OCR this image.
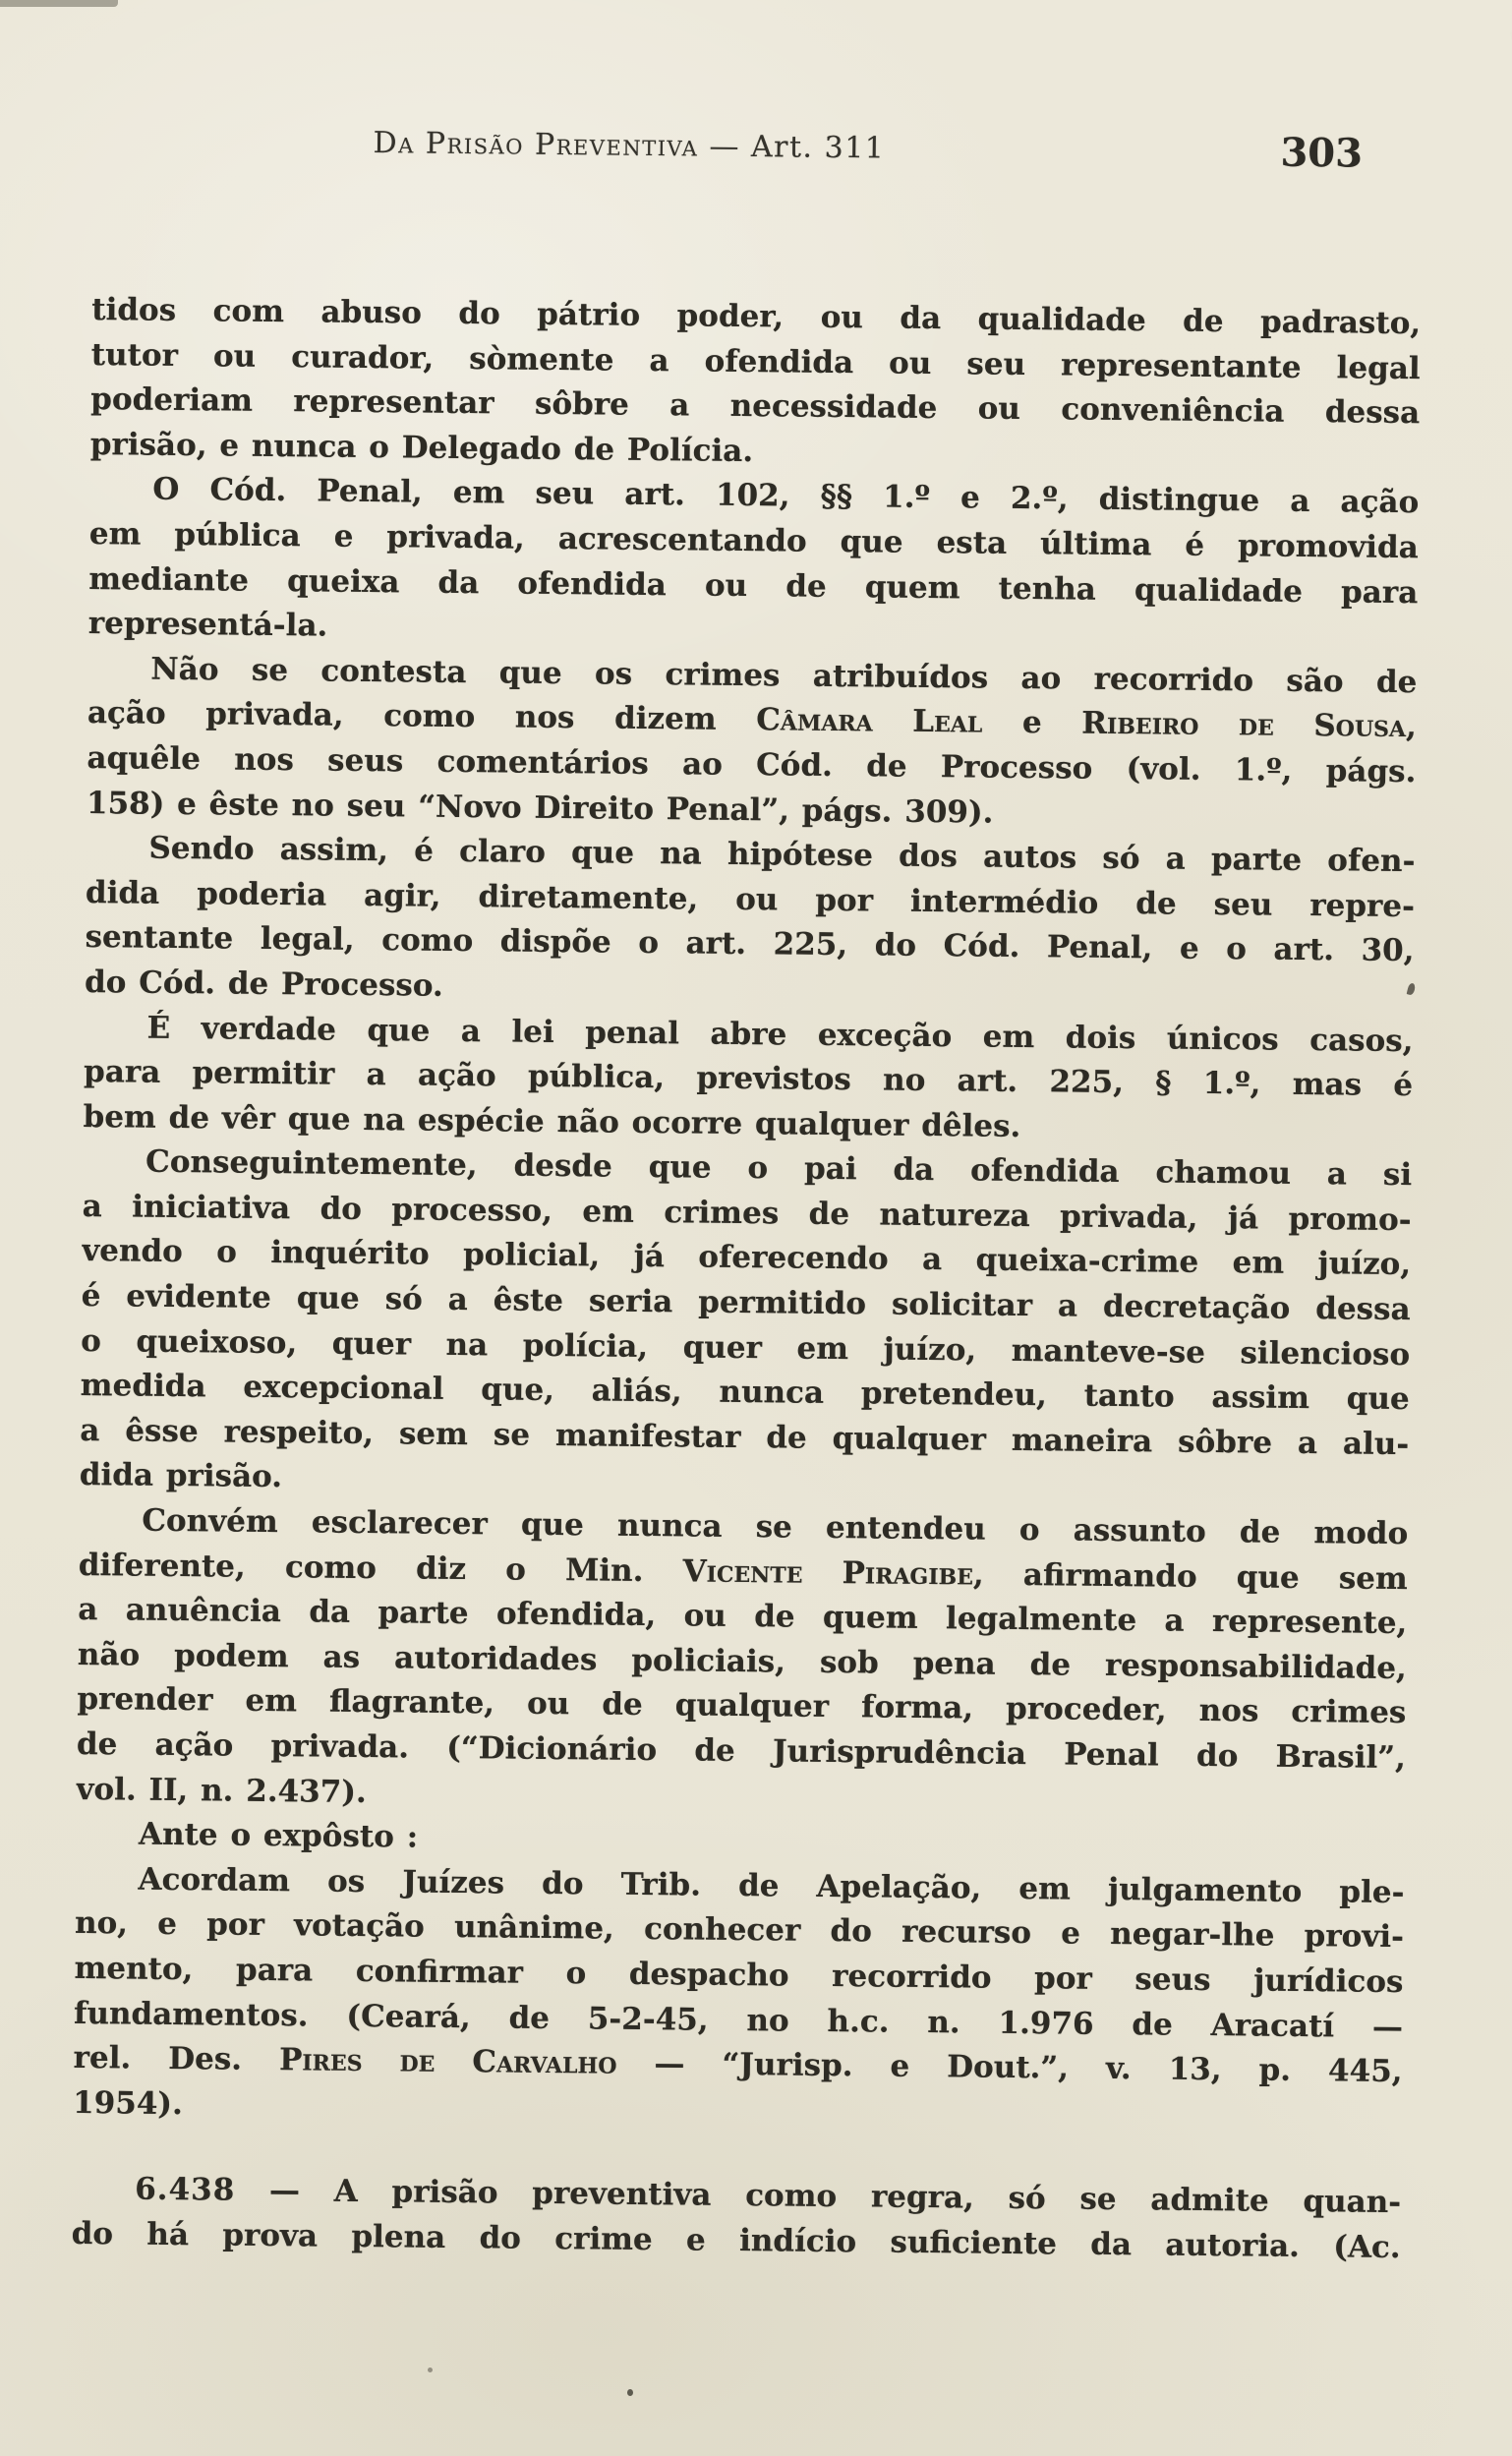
Da Prisão Preventiva — Art. 311	303
tidos com abuso do pátrio poder, ou da qualidade de padrasto,
tutor ou curador, sòmente a ofendida ou seu representante legal
poderiam representar sôbre a necessidade ou conveniência dessa
prisão, e nunca o Delegado de Polícia.
O Cód. Penal, em seu art. 102, §§ 1.º e 2.º, distingue a ação
em pública e privada, acrescentando que esta última é promovida
mediante queixa da ofendida ou de quem tenha qualidade para
representá-la.
Não se contesta que os crimes atribuídos ao recorrido são de
ação privada, como nos dizem Câmara Leal e Ribeiro de Sousa,
aquêle nos seus comentários ao Cód. de Processo (vol. 1.º, págs.
158) e êste no seu “Novo Direito Penal”, págs. 309).
Sendo assim, é claro que na hipótese dos autos só a parte ofen-
dida poderia agir, diretamente, ou por intermédio de seu repre-
sentante legal, como dispõe o art. 225, do Cód. Penal, e o art. 30,
do Cód. de Processo.
É verdade que a lei penal abre exceção em dois únicos casos,
para permitir a ação pública, previstos no art. 225, § 1.º, mas é
bem de vêr que na espécie não ocorre qualquer dêles.
Conseguintemente, desde que o pai da ofendida chamou a si
a iniciativa do processo, em crimes de natureza privada, já promo-
vendo o inquérito policial, já oferecendo a queixa-crime em juízo,
é evidente que só a êste seria permitido solicitar a decretação dessa
o queixoso, quer na polícia, quer em juízo, manteve-se silencioso
medida excepcional que, aliás, nunca pretendeu, tanto assim que
a êsse respeito, sem se manifestar de qualquer maneira sôbre a alu-
dida prisão.
Convém esclarecer que nunca se entendeu o assunto de modo
diferente, como diz o Min. Vicente Piragibe, afirmando que sem
a anuência da parte ofendida, ou de quem legalmente a represente,
não podem as autoridades policiais, sob pena de responsabilidade,
prender em flagrante, ou de qualquer forma, proceder, nos crimes
de ação privada. (“Dicionário de Jurisprudência Penal do Brasil”,
vol. II, n. 2.437).
Ante o expôsto :
Acordam os Juízes do Trib. de Apelação, em julgamento ple-
no, e por votação unânime, conhecer do recurso e negar-lhe provi-
mento, para confirmar o despacho recorrido por seus jurídicos
fundamentos. (Ceará, de 5-2-45, no h.c. n. 1.976 de Aracatí —
rel. Des. Pires de Carvalho — “Jurisp. e Dout.”, v. 13, p. 445,
1954).
6.438 — A prisão preventiva como regra, só se admite quan-
do há prova plena do crime e indício suficiente da autoria. (Ac.
